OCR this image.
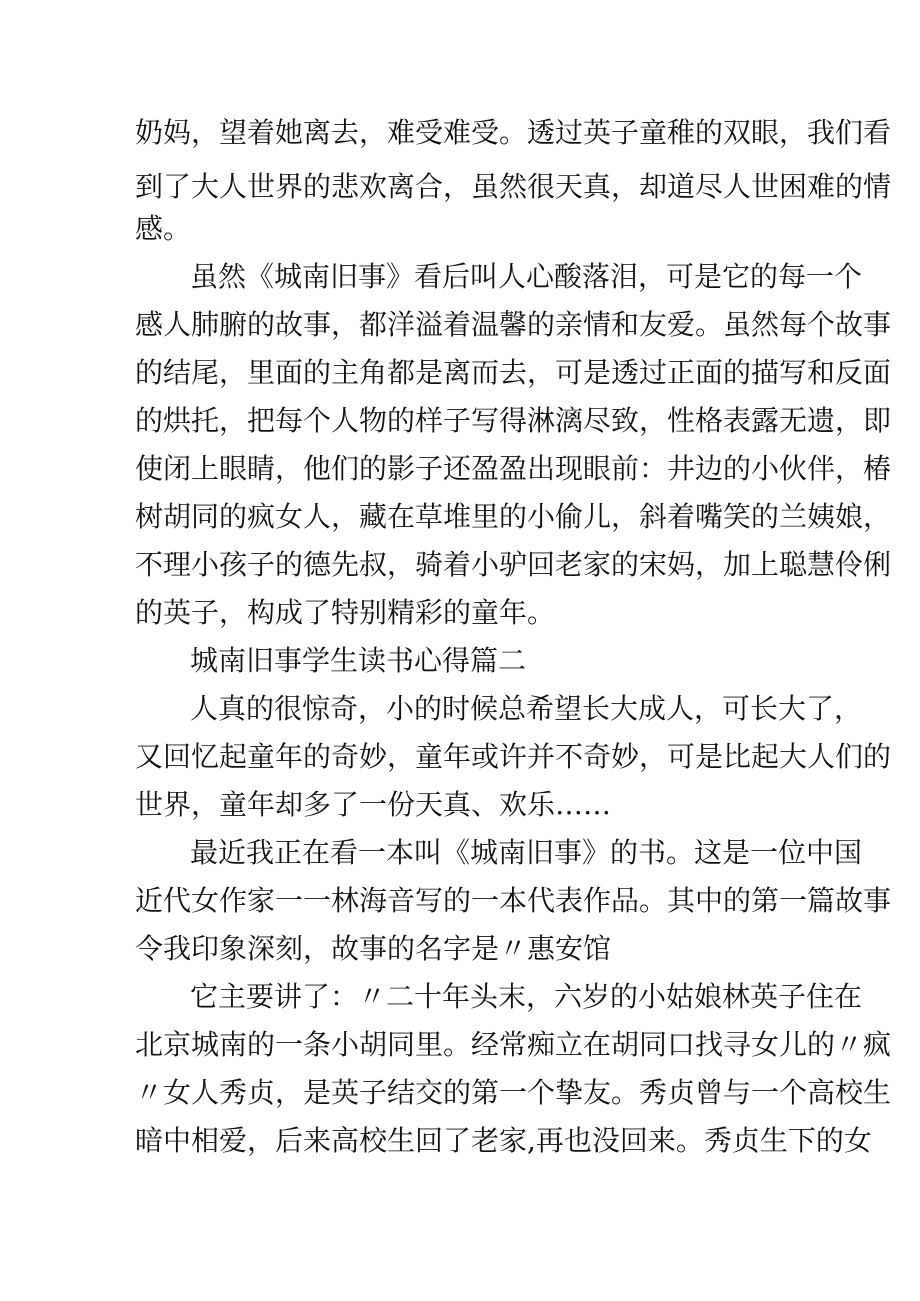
奶妈，望着她离去，难受难受。透过英子童稚的双眼，我们看
到了大人世界的悲欢离合，虽然很天真，却道尽人世困难的情
感。
虽然《城南旧事》看后叫人心酸落泪，可是它的每一个
感人肺腑的故事，都洋溢着温馨的亲情和友爱。虽然每个故事
的结尾，里面的主角都是离而去，可是透过正面的描写和反面
的烘托，把每个人物的样子写得淋漓尽致，性格表露无遗，即
使闭上眼睛，他们的影子还盈盈出现眼前：井边的小伙伴，椿
树胡同的疯女人，藏在草堆里的小偷儿，斜着嘴笑的兰姨娘，
不理小孩子的德先叔，骑着小驴回老家的宋妈，加上聪慧伶俐
的英子，构成了特别精彩的童年。
城南旧事学生读书心得篇二
人真的很惊奇，小的时候总希望长大成人，可长大了，
又回忆起童年的奇妙，童年或许并不奇妙，可是比起大人们的
世界，童年却多了一份天真、欢乐……
最近我正在看一本叫《城南旧事》的书。这是一位中国
近代女作家一一林海音写的一本代表作品。其中的第一篇故事
令我印象深刻，故事的名字是〃惠安馆
它主要讲了：〃二十年头末，六岁的小姑娘林英子住在
北京城南的一条小胡同里。经常痴立在胡同口找寻女儿的〃疯
〃女人秀贞，是英子结交的第一个挚友。秀贞曾与一个高校生
暗中相爱，后来高校生回了老家,再也没回来。秀贞生下的女
